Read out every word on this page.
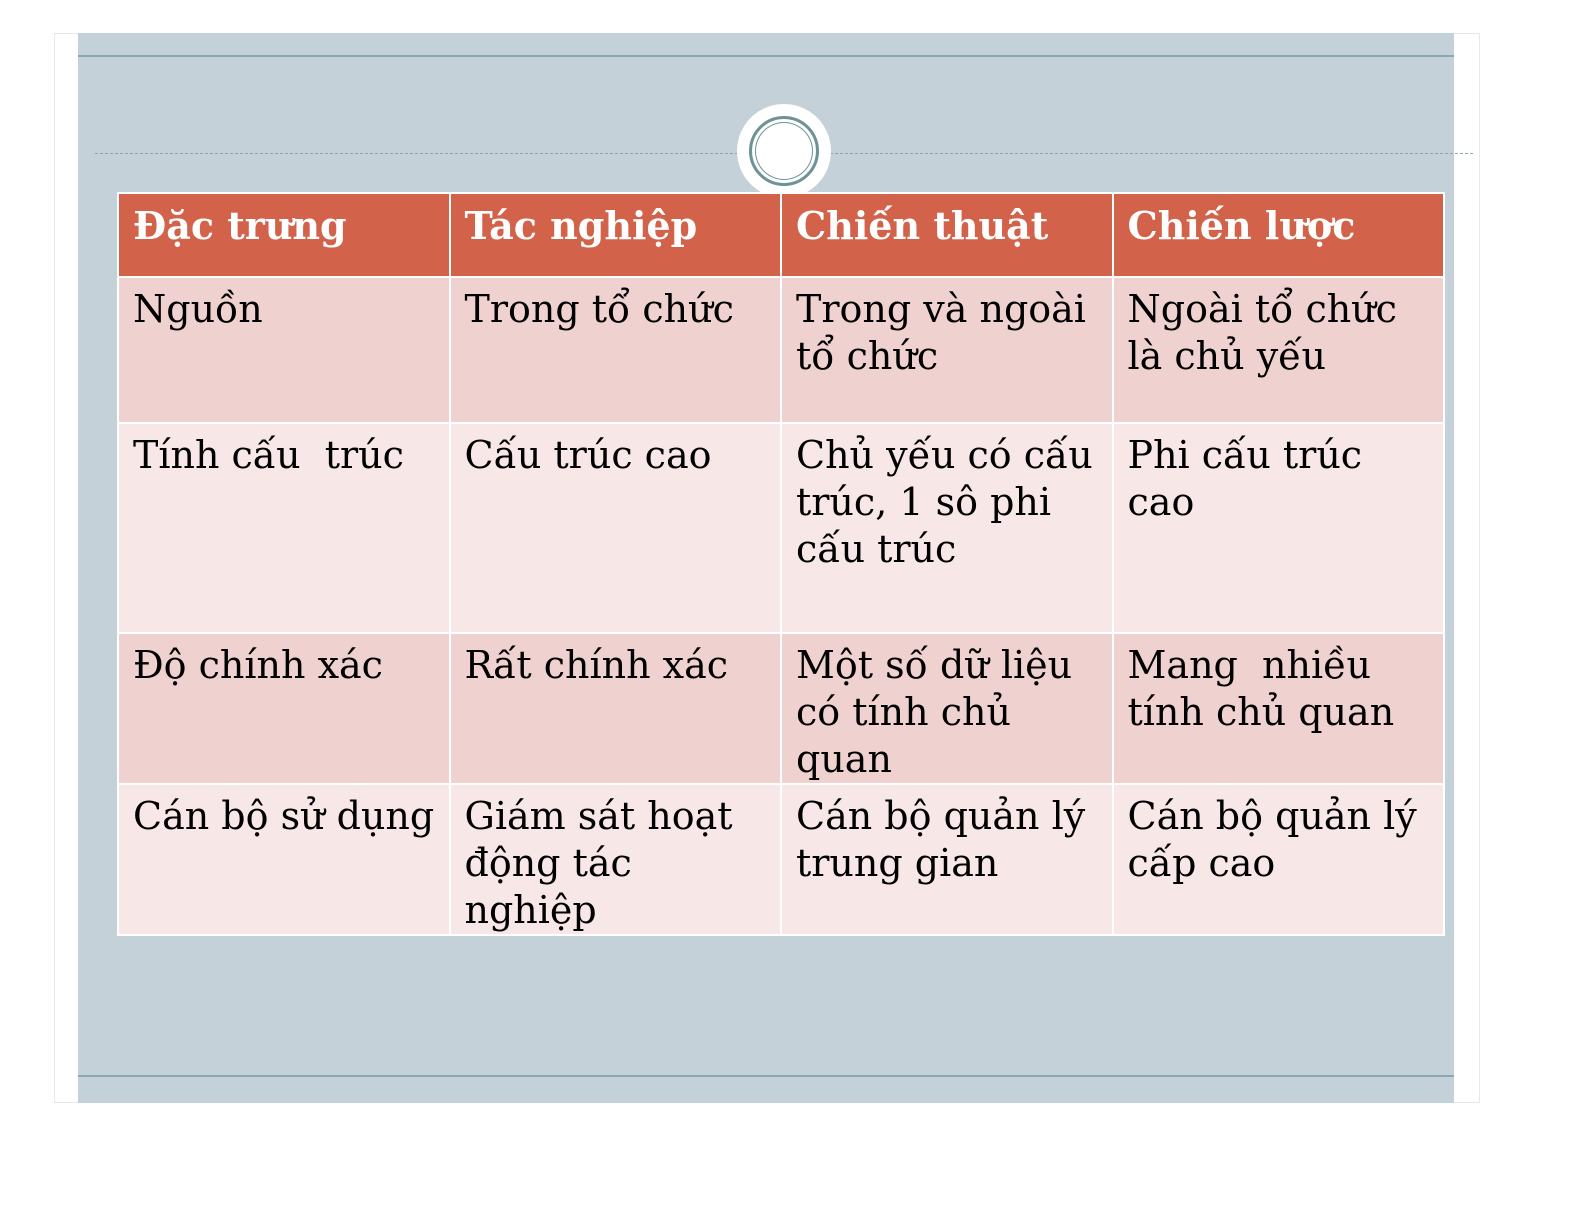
Đặc trưng	Tác nghiệp	Chiến thuật	Chiến lược
Nguồn	Trong tổ chức	Trong và ngoài tổ chức	Ngoài tổ chức  là chủ yếu
Tính cấu  trúc	Cấu trúc cao	Chủ yếu có cấu trúc, 1 sô phi cấu trúc	Phi cấu trúc cao
Độ chính xác	Rất chính xác	Một số dữ liệu có tính chủ quan	Mang  nhiều tính chủ quan
Cán bộ sử dụng	Giám sát hoạt động tác nghiệp	Cán bộ quản lý trung gian	Cán bộ quản lý cấp cao
